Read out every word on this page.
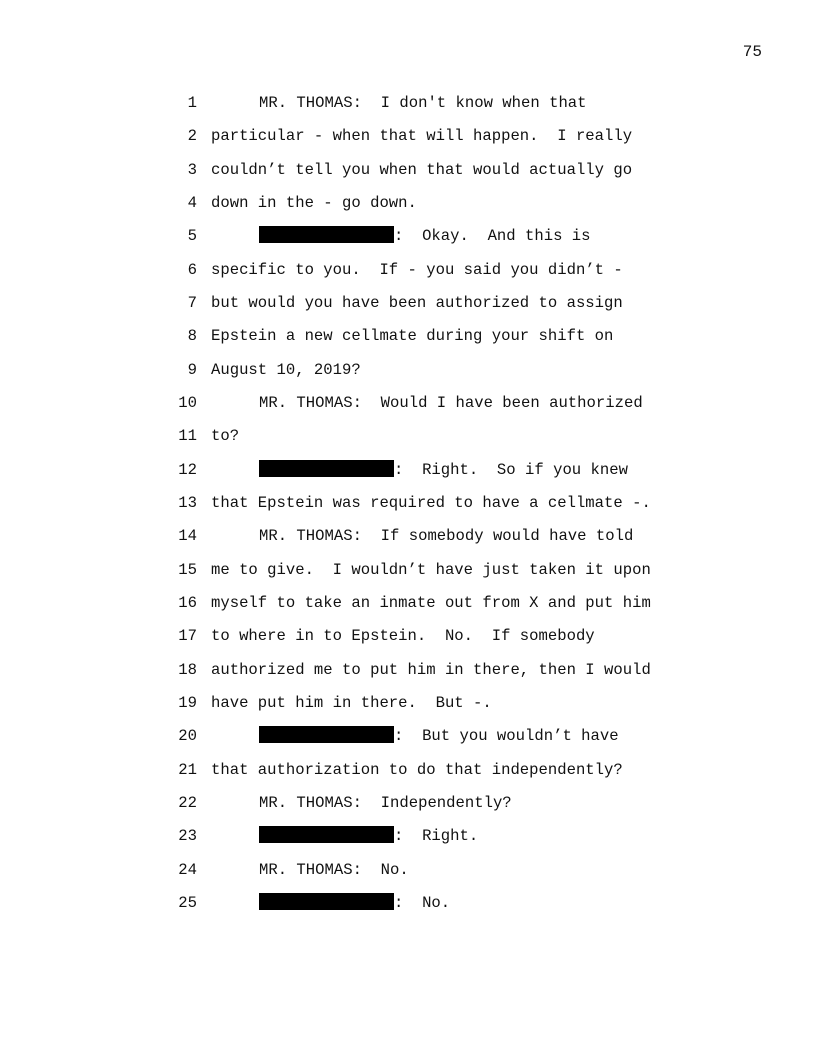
75
1	MR. THOMAS:  I don't know when that
2 particular - when that will happen.  I really
3 couldn’t tell you when that would actually go
4 down in the - go down.
5	:  Okay.  And this is
6 specific to you.  If - you said you didn’t -
7 but would you have been authorized to assign
8 Epstein a new cellmate during your shift on
9 August 10, 2019?
10	MR. THOMAS:  Would I have been authorized
11 to?
12	:  Right.  So if you knew
13 that Epstein was required to have a cellmate -.
14	MR. THOMAS:  If somebody would have told
15 me to give.  I wouldn’t have just taken it upon
16 myself to take an inmate out from X and put him
17 to where in to Epstein.  No.  If somebody
18 authorized me to put him in there, then I would
19 have put him in there.  But -.
20	:  But you wouldn’t have
21 that authorization to do that independently?
22	MR. THOMAS:  Independently?
23	:  Right.
24	MR. THOMAS:  No.
25	:  No.
